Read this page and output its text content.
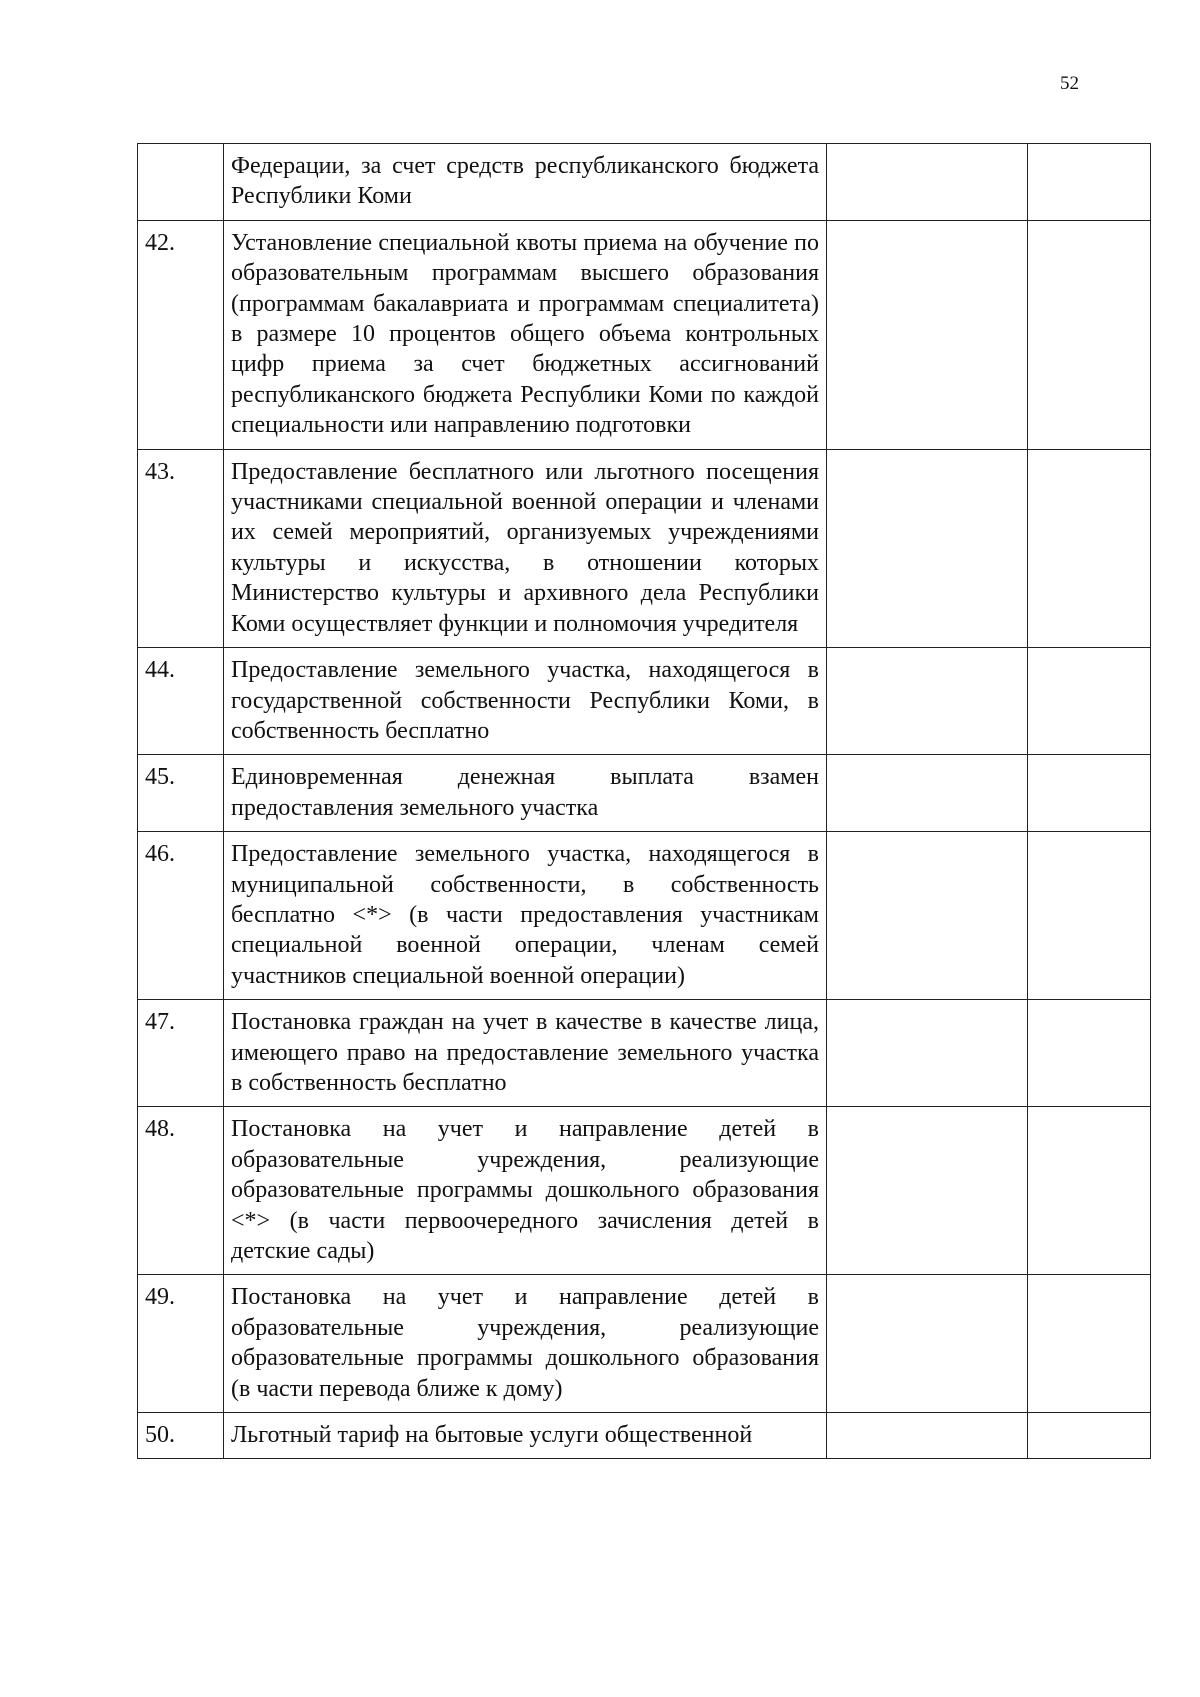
52
	Федерации, за счет средств республиканского бюджета Республики Коми		
42.	Установление специальной квоты приема на обучение по образовательным программам высшего образования (программам бакалавриата и программам специалитета) в размере 10 процентов общего объема контрольных цифр приема за счет бюджетных ассигнований республиканского бюджета Республики Коми по каждой специальности или направлению подготовки		
43.	Предоставление бесплатного или льготного посещения участниками специальной военной операции и членами их семей мероприятий, организуемых учреждениями культуры и искусства, в отношении которых Министерство культуры и архивного дела Республики Коми осуществляет функции и полномочия учредителя		
44.	Предоставление земельного участка, находящегося в государственной собственности Республики Коми, в собственность бесплатно		
45.	Единовременная денежная выплата взамен предоставления земельного участка		
46.	Предоставление земельного участка, находящегося в муниципальной собственности, в собственность бесплатно <*> (в части предоставления участникам специальной военной операции, членам семей участников специальной военной операции)		
47.	Постановка граждан на учет в качестве в качестве лица, имеющего право на предоставление земельного участка в собственность бесплатно		
48.	Постановка на учет и направление детей в образовательные учреждения, реализующие образовательные программы дошкольного образования <*> (в части первоочередного зачисления детей в детские сады)		
49.	Постановка на учет и направление детей в образовательные учреждения, реализующие образовательные программы дошкольного образования (в части перевода ближе к дому)		
50.	Льготный тариф на бытовые услуги общественной		
